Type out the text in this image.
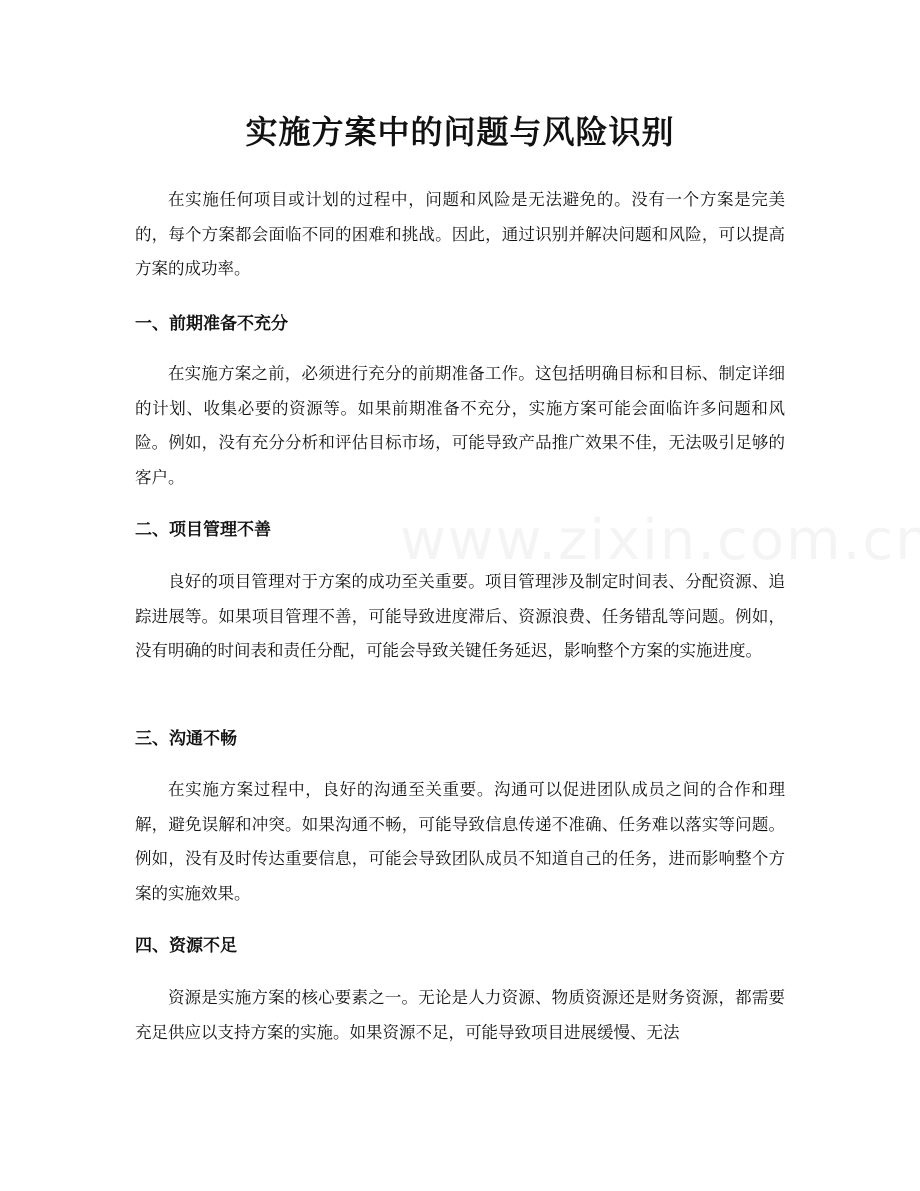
实施方案中的问题与风险识别

在实施任何项目或计划的过程中，问题和风险是无法避免的。没有一个方案是完美的，每个方案都会面临不同的困难和挑战。因此，通过识别并解决问题和风险，可以提高方案的成功率。

一、前期准备不充分

在实施方案之前，必须进行充分的前期准备工作。这包括明确目标和目标、制定详细的计划、收集必要的资源等。如果前期准备不充分，实施方案可能会面临许多问题和风险。例如，没有充分分析和评估目标市场，可能导致产品推广效果不佳，无法吸引足够的客户。

二、项目管理不善

良好的项目管理对于方案的成功至关重要。项目管理涉及制定时间表、分配资源、追踪进展等。如果项目管理不善，可能导致进度滞后、资源浪费、任务错乱等问题。例如，没有明确的时间表和责任分配，可能会导致关键任务延迟，影响整个方案的实施进度。

三、沟通不畅

在实施方案过程中，良好的沟通至关重要。沟通可以促进团队成员之间的合作和理解，避免误解和冲突。如果沟通不畅，可能导致信息传递不准确、任务难以落实等问题。例如，没有及时传达重要信息，可能会导致团队成员不知道自己的任务，进而影响整个方案的实施效果。

四、资源不足

资源是实施方案的核心要素之一。无论是人力资源、物质资源还是财务资源，都需要充足供应以支持方案的实施。如果资源不足，可能导致项目进展缓慢、无法
